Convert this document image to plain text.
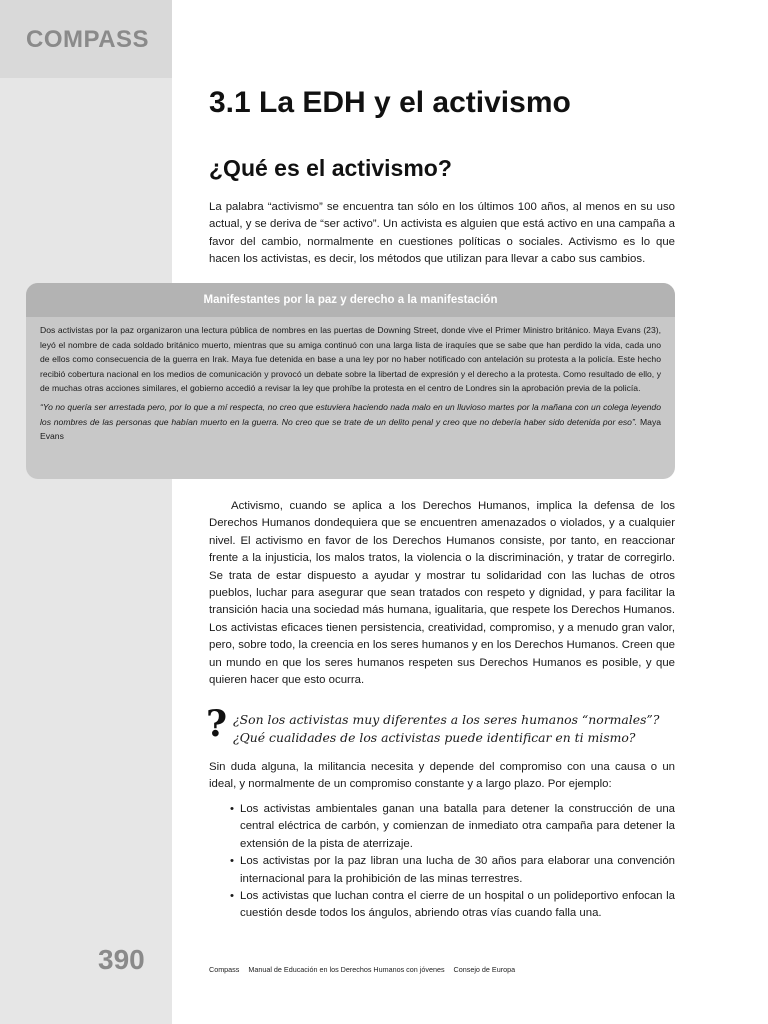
COMPASS
390
3.1 La EDH y el activismo
¿Qué es el activismo?

La palabra “activismo” se encuentra tan sólo en los últimos 100 años, al menos en su uso actual, y se deriva de “ser activo”. Un activista es alguien que está activo en una campaña a favor del cambio, normalmente en cuestiones políticas o sociales. Activismo es lo que hacen los activistas, es decir, los métodos que utilizan para llevar a cabo sus cambios.

Manifestantes por la paz y derecho a la manifestación

Dos activistas por la paz organizaron una lectura pública de nombres en las puertas de Downing Street, donde vive el Primer Ministro británico. Maya Evans (23), leyó el nombre de cada soldado británico muerto, mientras que su amiga continuó con una larga lista de iraquíes que se sabe que han perdido la vida, cada uno de ellos como consecuencia de la guerra en Irak. Maya fue detenida en base a una ley por no haber notificado con antelación su protesta a la policía. Este hecho recibió cobertura nacional en los medios de comunicación y provocó un debate sobre la libertad de expresión y el derecho a la protesta. Como resultado de ello, y de muchas otras acciones similares, el gobierno accedió a revisar la ley que prohíbe la protesta en el centro de Londres sin la aprobación previa de la policía.

“Yo no quería ser arrestada pero, por lo que a mí respecta, no creo que estuviera haciendo nada malo en un lluvioso martes por la mañana con un colega leyendo los nombres de las personas que habían muerto en la guerra. No creo que se trate de un delito penal y creo que no debería haber sido detenida por eso”. Maya Evans

Activismo, cuando se aplica a los Derechos Humanos, implica la defensa de los Derechos Humanos dondequiera que se encuentren amenazados o violados, y a cualquier nivel. El activismo en favor de los Derechos Humanos consiste, por tanto, en reaccionar frente a la injusticia, los malos tratos, la violencia o la discriminación, y tratar de corregirlo. Se trata de estar dispuesto a ayudar y mostrar tu solidaridad con las luchas de otros pueblos, luchar para asegurar que sean tratados con respeto y dignidad, y para facilitar la transición hacia una sociedad más humana, igualitaria, que respete los Derechos Humanos. Los activistas eficaces tienen persistencia, creatividad, compromiso, y a menudo gran valor, pero, sobre todo, la creencia en los seres humanos y en los Derechos Humanos. Creen que un mundo en que los seres humanos respeten sus Derechos Humanos es posible, y que quieren hacer que esto ocurra.

? ¿Son los activistas muy diferentes a los seres humanos “normales”? ¿Qué cualidades de los activistas puede identificar en ti mismo?

Sin duda alguna, la militancia necesita y depende del compromiso con una causa o un ideal, y normalmente de un compromiso constante y a largo plazo. Por ejemplo:

• Los activistas ambientales ganan una batalla para detener la construcción de una central eléctrica de carbón, y comienzan de inmediato otra campaña para detener la extensión de la pista de aterrizaje.
• Los activistas por la paz libran una lucha de 30 años para elaborar una convención internacional para la prohibición de las minas terrestres.
• Los activistas que luchan contra el cierre de un hospital o un polideportivo enfocan la cuestión desde todos los ángulos, abriendo otras vías cuando falla una.
Compass Manual de Educación en los Derechos Humanos con jóvenes Consejo de Europa
